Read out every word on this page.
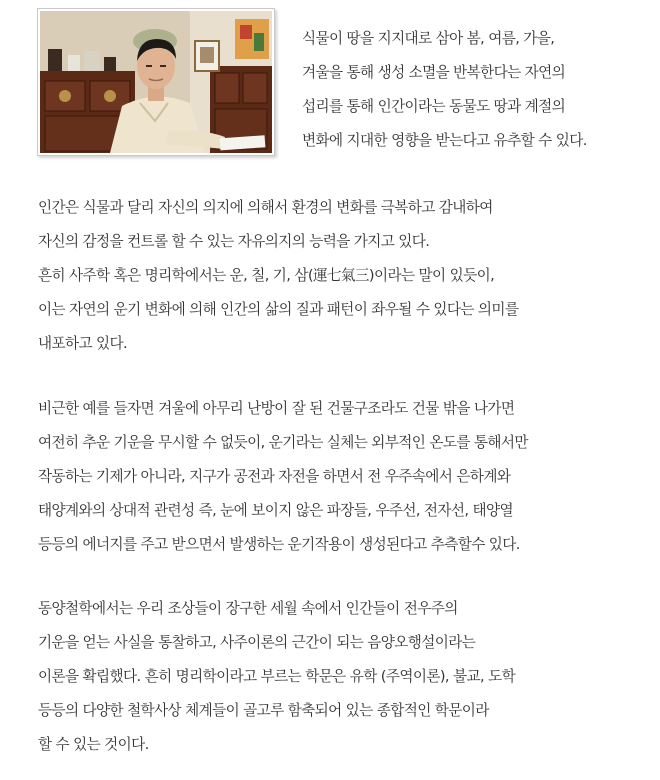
식물이 땅을 지지대로 삼아 봄, 여름, 가을,
겨울을 통해 생성 소멸을 반복한다는 자연의
섭리를 통해 인간이라는 동물도 땅과 계절의
변화에 지대한 영향을 받는다고 유추할 수 있다.
인간은 식물과 달리 자신의 의지에 의해서 환경의 변화를 극복하고 감내하여
자신의 감정을 컨트롤 할 수 있는 자유의지의 능력을 가지고 있다.
흔히 사주학 혹은 명리학에서는 운, 칠, 기, 삼(運七氣三)이라는 말이 있듯이,
이는 자연의 운기 변화에 의해 인간의 삶의 질과 패턴이 좌우될 수 있다는 의미를
내포하고 있다.
비근한 예를 들자면 겨울에 아무리 난방이 잘 된 건물구조라도 건물 밖을 나가면
여전히 추운 기운을 무시할 수 없듯이, 운기라는 실체는 외부적인 온도를 통해서만
작동하는 기제가 아니라, 지구가 공전과 자전을 하면서 전 우주속에서 은하계와
태양계와의 상대적 관련성 즉, 눈에 보이지 않은 파장들, 우주선, 전자선, 태양열
등등의 에너지를 주고 받으면서 발생하는 운기작용이 생성된다고 추측할수 있다.
동양철학에서는 우리 조상들이 장구한 세월 속에서 인간들이 전우주의
기운을 얻는 사실을 통찰하고, 사주이론의 근간이 되는 음양오행설이라는
이론을 확립했다. 흔히 명리학이라고 부르는 학문은 유학 (주역이론), 불교, 도학
등등의 다양한 철학사상 체계들이 골고루 함축되어 있는 종합적인 학문이라
할 수 있는 것이다.
